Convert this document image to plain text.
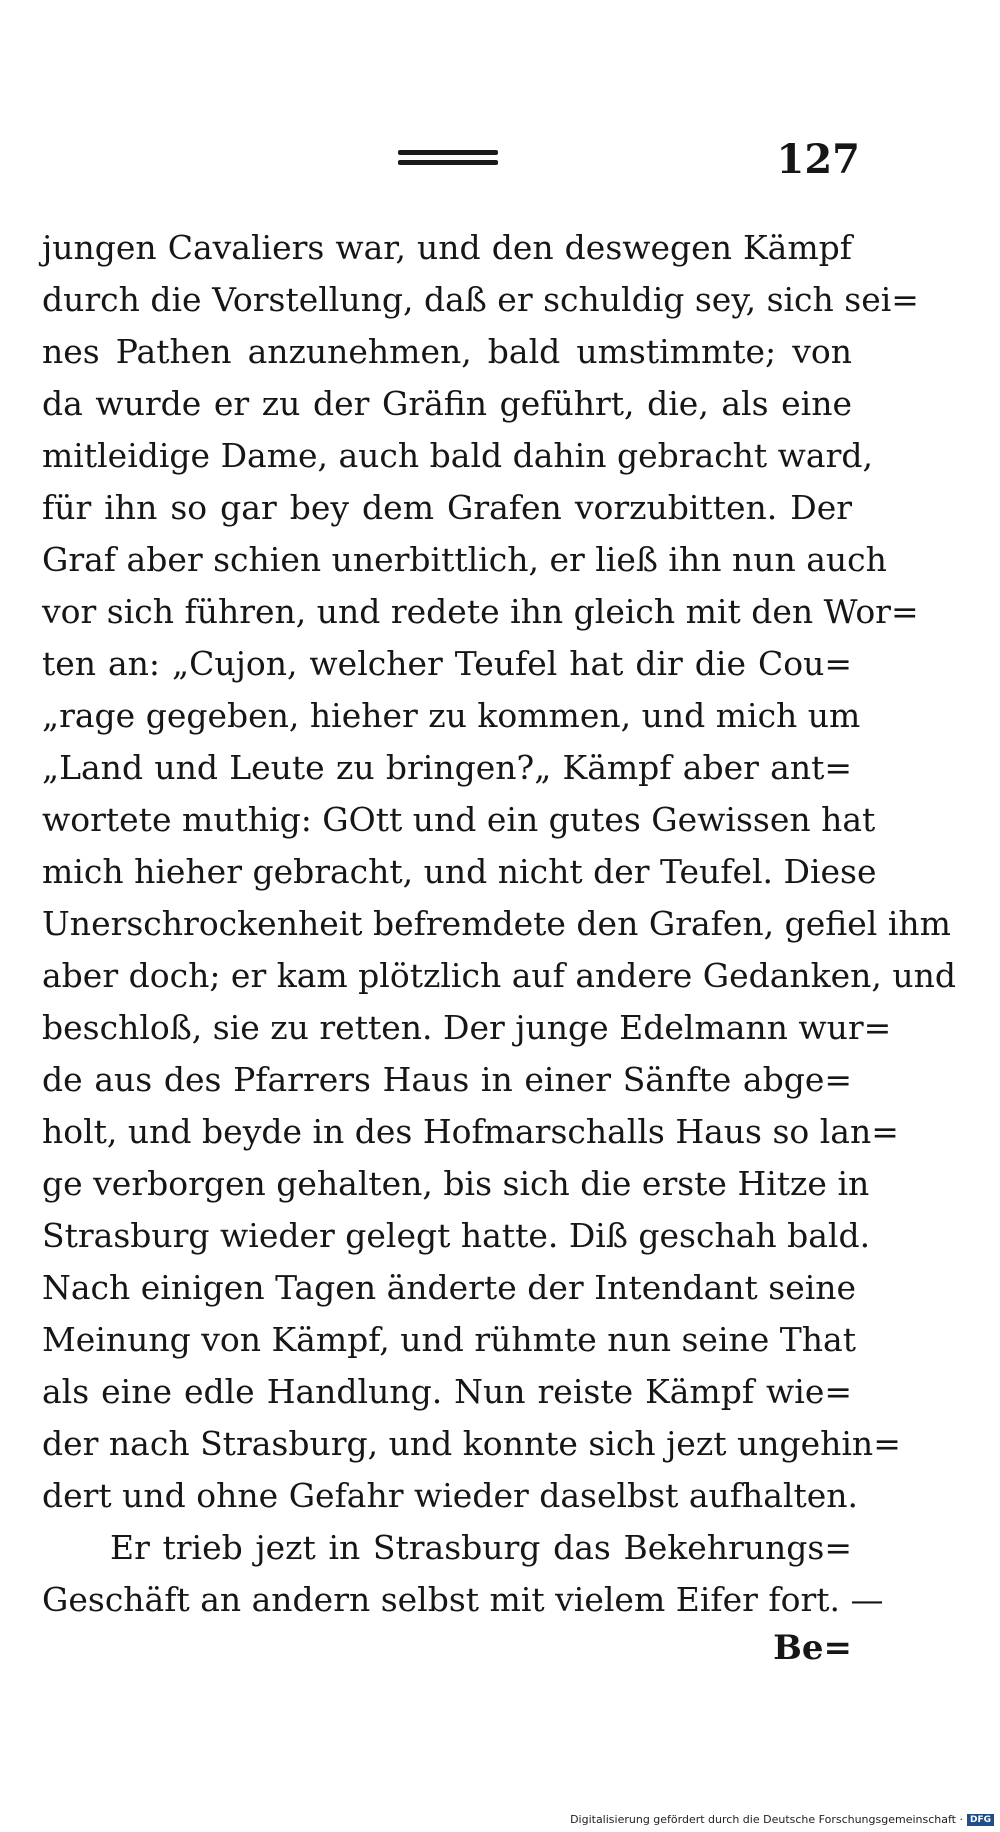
127
jungen Cavaliers war, und den deswegen Kämpf
durch die Vorstellung, daß er schuldig sey, sich sei=
nes Pathen anzunehmen, bald umstimmte; von
da wurde er zu der Gräfin geführt, die, als eine
mitleidige Dame, auch bald dahin gebracht ward,
für ihn so gar bey dem Grafen vorzubitten. Der
Graf aber schien unerbittlich, er ließ ihn nun auch
vor sich führen, und redete ihn gleich mit den Wor=
ten an: „Cujon, welcher Teufel hat dir die Cou=
„rage gegeben, hieher zu kommen, und mich um
„Land und Leute zu bringen?„ Kämpf aber ant=
wortete muthig: GOtt und ein gutes Gewissen hat
mich hieher gebracht, und nicht der Teufel. Diese
Unerschrockenheit befremdete den Grafen, gefiel ihm
aber doch; er kam plötzlich auf andere Gedanken, und
beschloß, sie zu retten. Der junge Edelmann wur=
de aus des Pfarrers Haus in einer Sänfte abge=
holt, und beyde in des Hofmarschalls Haus so lan=
ge verborgen gehalten, bis sich die erste Hitze in
Strasburg wieder gelegt hatte. Diß geschah bald.
Nach einigen Tagen änderte der Intendant seine
Meinung von Kämpf, und rühmte nun seine That
als eine edle Handlung. Nun reiste Kämpf wie=
der nach Strasburg, und konnte sich jezt ungehin=
dert und ohne Gefahr wieder daselbst aufhalten.
Er trieb jezt in Strasburg das Bekehrungs=
Geschäft an andern selbst mit vielem Eifer fort. —
Be=
Digitalisierung gefördert durch die Deutsche Forschungsgemeinschaft · DFG
